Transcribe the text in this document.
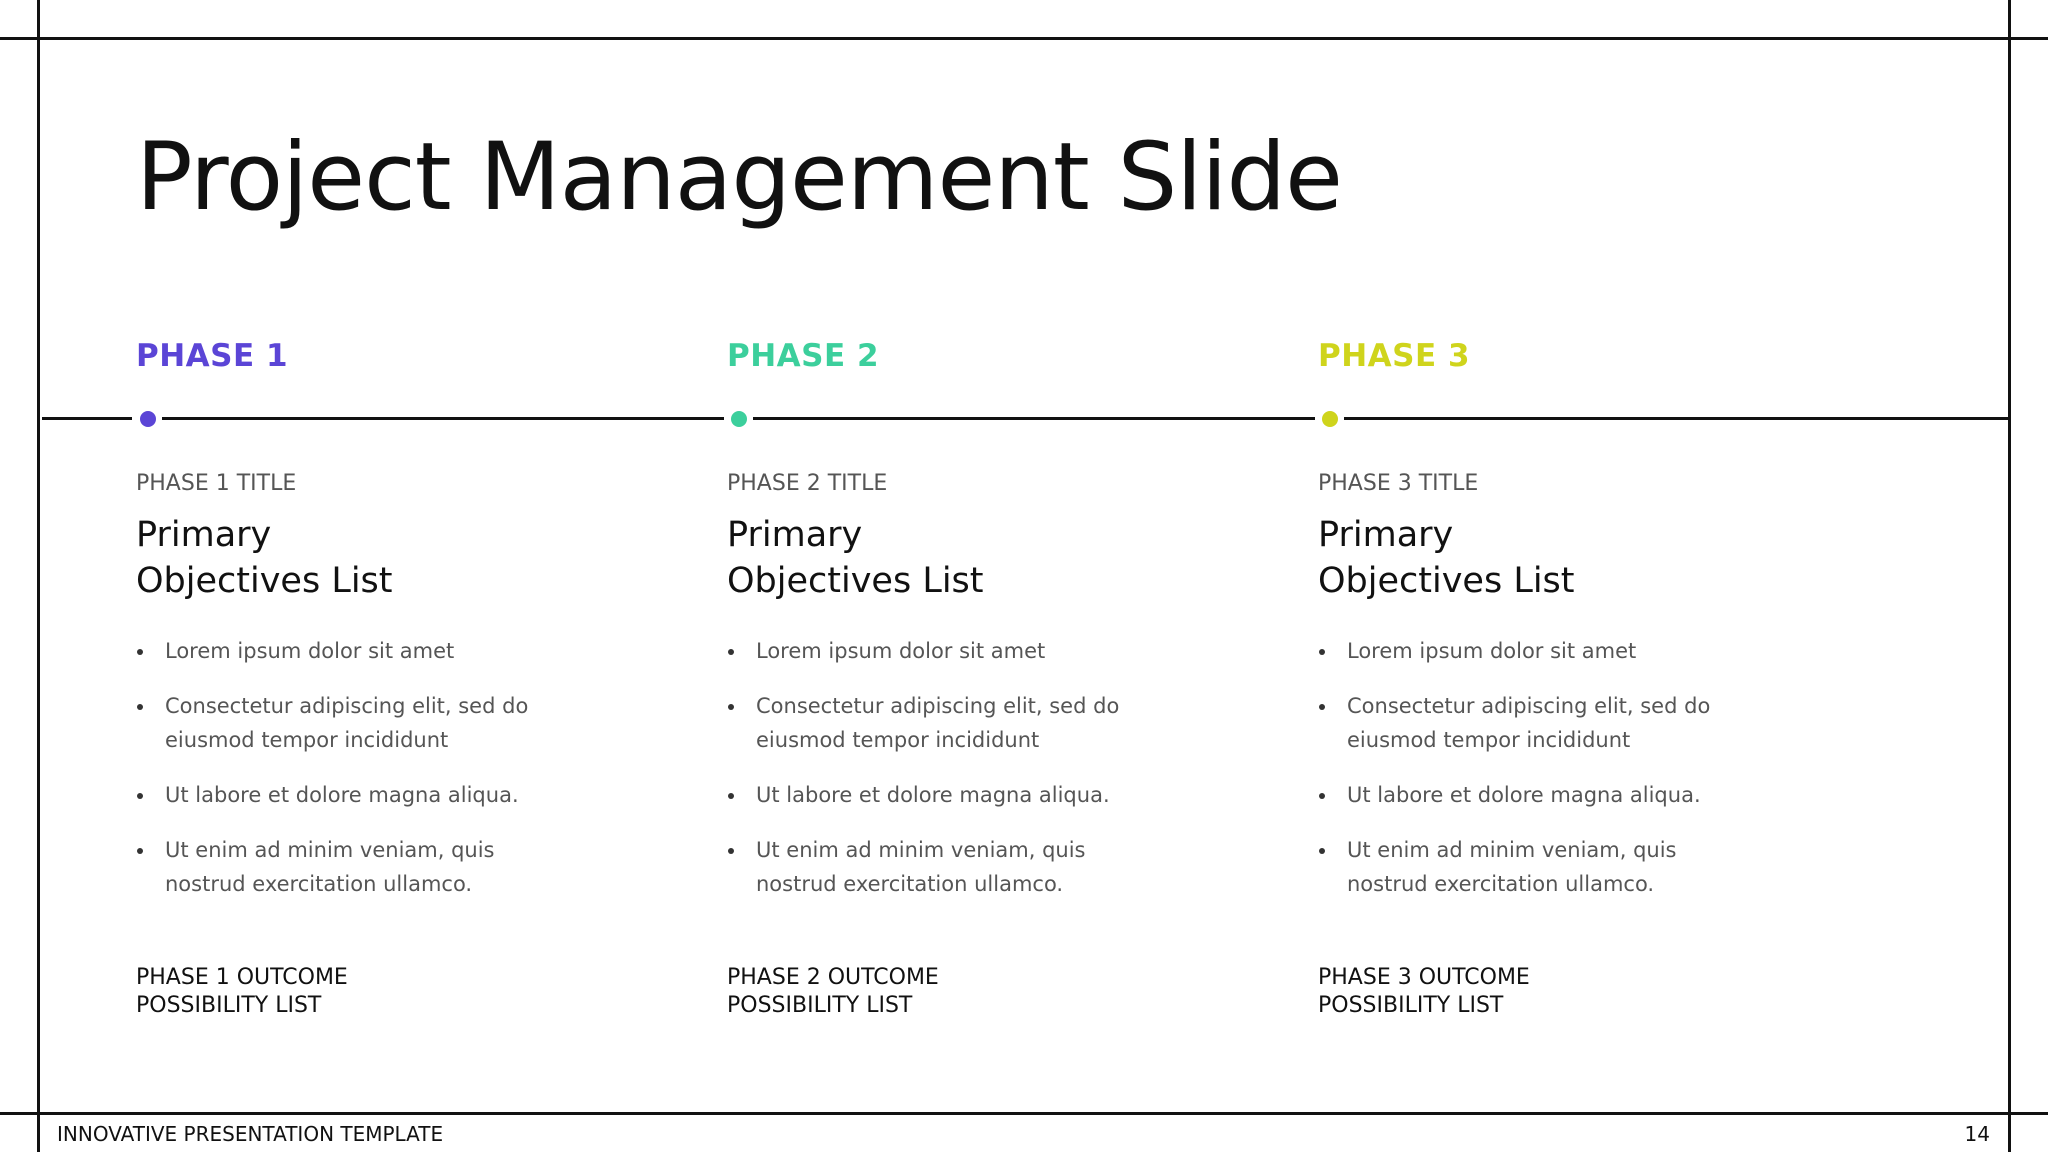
Project Management Slide
PHASE 1

PHASE 1 TITLE

Primary
Objectives List
Lorem ipsum dolor sit amet
Consectetur adipiscing elit, sed do eiusmod tempor incididunt
Ut labore et dolore magna aliqua.
Ut enim ad minim veniam, quis nostrud exercitation ullamco.

PHASE 1 OUTCOME
POSSIBILITY LIST

PHASE 2

PHASE 2 TITLE

Primary
Objectives List
Lorem ipsum dolor sit amet
Consectetur adipiscing elit, sed do eiusmod tempor incididunt
Ut labore et dolore magna aliqua.
Ut enim ad minim veniam, quis nostrud exercitation ullamco.

PHASE 2 OUTCOME
POSSIBILITY LIST

PHASE 3

PHASE 3 TITLE

Primary
Objectives List
Lorem ipsum dolor sit amet
Consectetur adipiscing elit, sed do eiusmod tempor incididunt
Ut labore et dolore magna aliqua.
Ut enim ad minim veniam, quis nostrud exercitation ullamco.

PHASE 3 OUTCOME
POSSIBILITY LIST

INNOVATIVE PRESENTATION TEMPLATE	14
